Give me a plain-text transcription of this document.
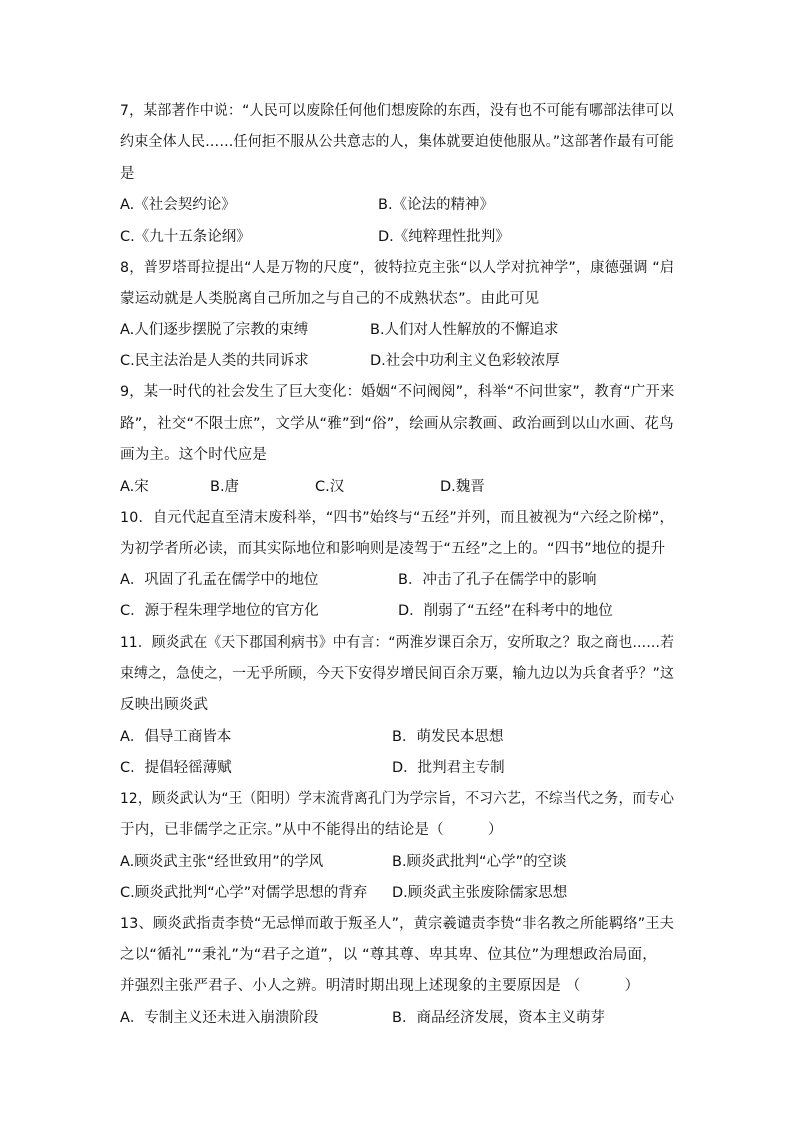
7，某部著作中说：“人民可以废除任何他们想废除的东西，没有也不可能有哪部法律可以
约束全体人民……任何拒不服从公共意志的人，集体就要迫使他服从。”这部著作最有可能
是
A.《社会契约论》	B.《论法的精神》
C.《九十五条论纲》	D.《纯粹理性批判》
8，普罗塔哥拉提出“人是万物的尺度”，彼特拉克主张“以人学对抗神学”，康德强调 “启
蒙运动就是人类脱离自己所加之与自己的不成熟状态”。由此可见
A.人们逐步摆脱了宗教的束缚	B.人们对人性解放的不懈追求
C.民主法治是人类的共同诉求	D.社会中功利主义色彩较浓厚
9，某一时代的社会发生了巨大变化：婚姻“不问阀阅”，科举“不问世家”，教育“广开来
路”，社交“不限士庶”，文学从“雅”到“俗”，绘画从宗教画、政治画到以山水画、花鸟
画为主。这个时代应是
A.宋	B.唐	C.汉	D.魏晋
10．自元代起直至清末废科举，“四书”始终与“五经”并列，而且被视为“六经之阶梯”，
为初学者所必读，而其实际地位和影响则是凌驾于“五经”之上的。“四书”地位的提升
A．巩固了孔孟在儒学中的地位	B．冲击了孔子在儒学中的影响
C．源于程朱理学地位的官方化	D．削弱了“五经”在科考中的地位
11．顾炎武在《天下郡国利病书》中有言：“两淮岁课百余万，安所取之？取之商也……若
束缚之，急使之，一无乎所顾，今天下安得岁增民间百余万粟，输九边以为兵食者乎？”这
反映出顾炎武
A．倡导工商皆本	B．萌发民本思想
C．提倡轻徭薄赋	D．批判君主专制
12，顾炎武认为“王（阳明）学末流背离孔门为学宗旨，不习六艺，不综当代之务，而专心
于内，已非儒学之正宗。”从中不能得出的结论是（　　　）
A.顾炎武主张“经世致用”的学风	B.顾炎武批判“心学”的空谈
C.顾炎武批判“心学”对儒学思想的背弃 D.顾炎武主张废除儒家思想
13、顾炎武指责李贽“无忌惮而敢于叛圣人”，黄宗羲谴责李贽“非名教之所能羁络”王夫
之以“循礼”“秉礼”为“君子之道”，以 “尊其尊、卑其卑、位其位”为理想政治局面，
并强烈主张严君子、小人之辨。明清时期出现上述现象的主要原因是 （　　　）
A．专制主义还未进入崩溃阶段	B．商品经济发展，资本主义萌芽
